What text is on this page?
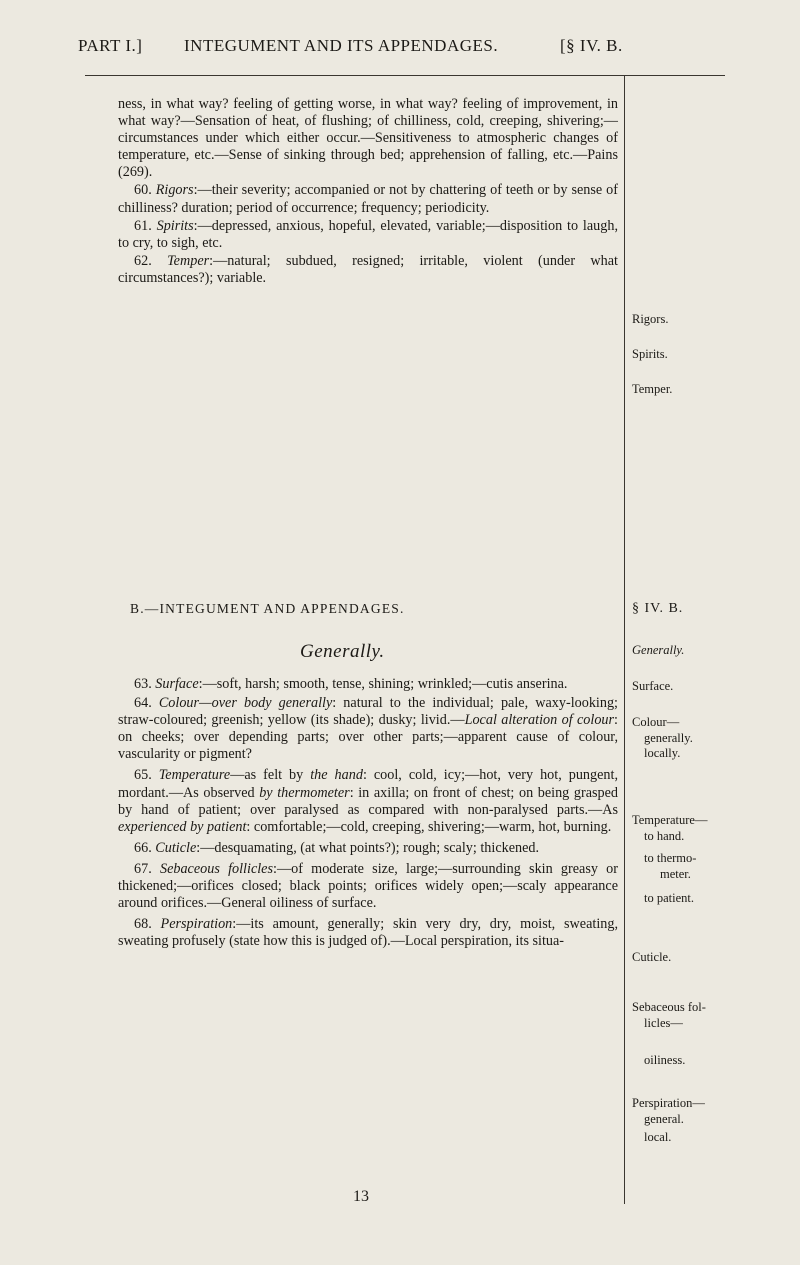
PART I.] INTEGUMENT AND ITS APPENDAGES.	[§ IV. B.

ness, in what way? feeling of getting worse, in what way? feeling of improvement, in what way?—Sensation of heat, of flushing; of chilliness, cold, creeping, shivering;—circumstances under which either occur.—Sensitiveness to atmospheric changes of temperature, etc.—Sense of sinking through bed; apprehension of falling, etc.—Pains (269).

60. Rigors:—their severity; accompanied or not by chattering of teeth or by sense of chilliness? duration; period of occurrence; frequency; periodicity.

61. Spirits:—depressed, anxious, hopeful, elevated, variable;—disposition to laugh, to cry, to sigh, etc.

62. Temper:—natural; subdued, resigned; irritable, violent (under what circumstances?); variable.

B.—INTEGUMENT AND APPENDAGES.
Generally.

63. Surface:—soft, harsh; smooth, tense, shining; wrinkled;—cutis anserina.

64. Colour—over body generally: natural to the individual; pale, waxy-looking; straw-coloured; greenish; yellow (its shade); dusky; livid.—Local alteration of colour: on cheeks; over depending parts; over other parts;—apparent cause of colour, vascularity or pigment?

65. Temperature—as felt by the hand: cool, cold, icy;—hot, very hot, pungent, mordant.—As observed by thermometer: in axilla; on front of chest; on being grasped by hand of patient; over paralysed as compared with non-paralysed parts.—As experienced by patient: comfortable;—cold, creeping, shivering;—warm, hot, burning.

66. Cuticle:—desquamating, (at what points?); rough; scaly; thickened.

67. Sebaceous follicles:—of moderate size, large;—surrounding skin greasy or thickened;—orifices closed; black points; orifices widely open;—scaly appearance around orifices.—General oiliness of surface.

68. Perspiration:—its amount, generally; skin very dry, dry, moist, sweating, sweating profusely (state how this is judged of).—Local perspiration, its situa-

Rigors.
Spirits.
Temper.
§ IV. B.
Generally.
Surface.
Colour—
generally.
locally.
Temperature—
to hand.
to thermo-
meter.
to patient.
Cuticle.
Sebaceous fol-
licles—
oiliness.
Perspiration—
general.
local.
13
